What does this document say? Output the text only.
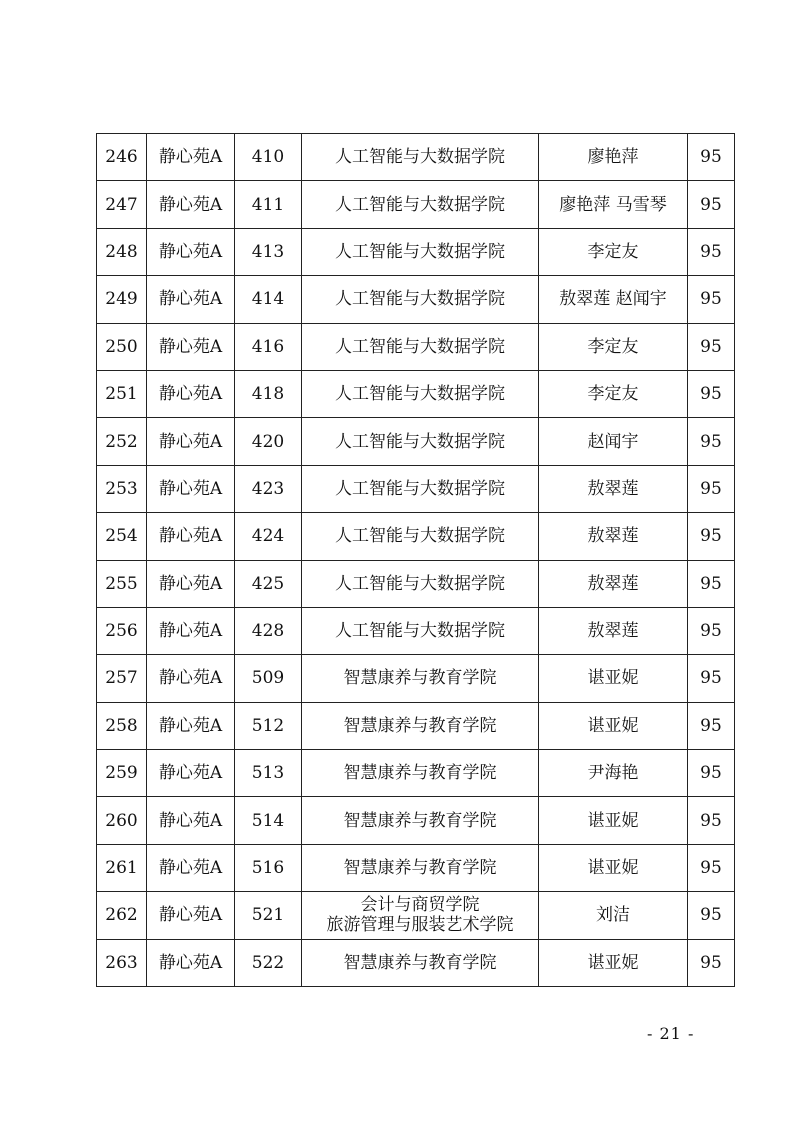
246	静心苑A	410	人工智能与大数据学院	廖艳萍	95
247	静心苑A	411	人工智能与大数据学院	廖艳萍 马雪琴	95
248	静心苑A	413	人工智能与大数据学院	李定友	95
249	静心苑A	414	人工智能与大数据学院	敖翠莲 赵闻宇	95
250	静心苑A	416	人工智能与大数据学院	李定友	95
251	静心苑A	418	人工智能与大数据学院	李定友	95
252	静心苑A	420	人工智能与大数据学院	赵闻宇	95
253	静心苑A	423	人工智能与大数据学院	敖翠莲	95
254	静心苑A	424	人工智能与大数据学院	敖翠莲	95
255	静心苑A	425	人工智能与大数据学院	敖翠莲	95
256	静心苑A	428	人工智能与大数据学院	敖翠莲	95
257	静心苑A	509	智慧康养与教育学院	谌亚妮	95
258	静心苑A	512	智慧康养与教育学院	谌亚妮	95
259	静心苑A	513	智慧康养与教育学院	尹海艳	95
260	静心苑A	514	智慧康养与教育学院	谌亚妮	95
261	静心苑A	516	智慧康养与教育学院	谌亚妮	95
262	静心苑A	521	会计与商贸学院
旅游管理与服装艺术学院	刘洁	95
263	静心苑A	522	智慧康养与教育学院	谌亚妮	95
- 21 -
